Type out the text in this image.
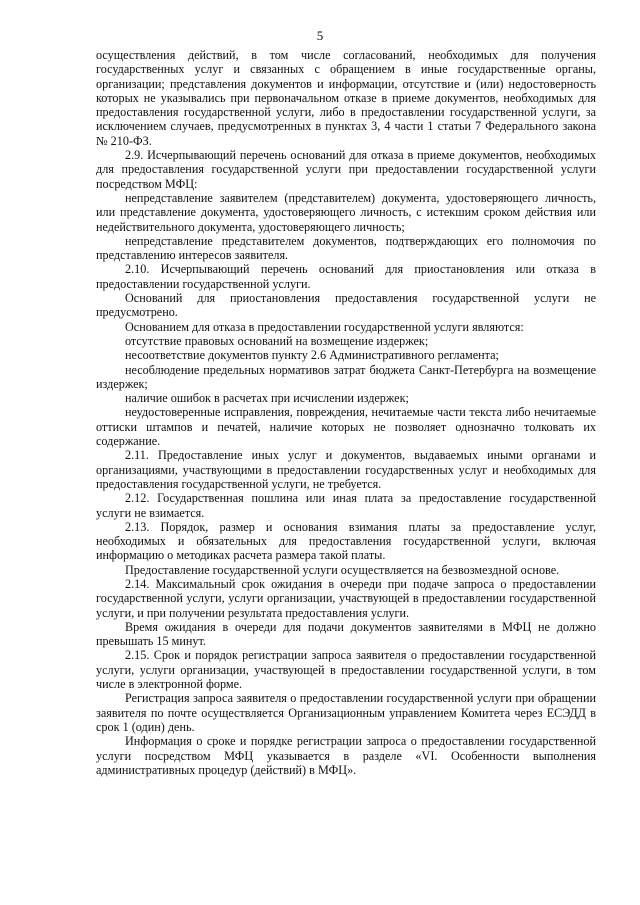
5

осуществления действий, в том числе согласований, необходимых для получения государственных услуг и связанных с обращением в иные государственные органы, организации; представления документов и информации, отсутствие и (или) недостоверность которых не указывались при первоначальном отказе в приеме документов, необходимых для предоставления государственной услуги, либо в предоставлении государственной услуги, за исключением случаев, предусмотренных в пунктах 3, 4 части 1 статьи 7 Федерального закона № 210-ФЗ.

2.9. Исчерпывающий перечень оснований для отказа в приеме документов, необходимых для предоставления государственной услуги при предоставлении государственной услуги посредством МФЦ:

непредставление заявителем (представителем) документа, удостоверяющего личность, или представление документа, удостоверяющего личность, с истекшим сроком действия или недействительного документа, удостоверяющего личность;

непредставление представителем документов, подтверждающих его полномочия по представлению интересов заявителя.

2.10. Исчерпывающий перечень оснований для приостановления или отказа в предоставлении государственной услуги.

Оснований для приостановления предоставления государственной услуги не предусмотрено.

Основанием для отказа в предоставлении государственной услуги являются:

отсутствие правовых оснований на возмещение издержек;

несоответствие документов пункту 2.6 Административного регламента;

несоблюдение предельных нормативов затрат бюджета Санкт-Петербурга на возмещение издержек;

наличие ошибок в расчетах при исчислении издержек;

неудостоверенные исправления, повреждения, нечитаемые части текста либо нечитаемые оттиски штампов и печатей, наличие которых не позволяет однозначно толковать их содержание.

2.11. Предоставление иных услуг и документов, выдаваемых иными органами и организациями, участвующими в предоставлении государственных услуг и необходимых для предоставления государственной услуги, не требуется.

2.12. Государственная пошлина или иная плата за предоставление государственной услуги не взимается.

2.13. Порядок, размер и основания взимания платы за предоставление услуг, необходимых и обязательных для предоставления государственной услуги, включая информацию о методиках расчета размера такой платы.

Предоставление государственной услуги осуществляется на безвозмездной основе.

2.14. Максимальный срок ожидания в очереди при подаче запроса о предоставлении государственной услуги, услуги организации, участвующей в предоставлении государственной услуги, и при получении результата предоставления услуги.

Время ожидания в очереди для подачи документов заявителями в МФЦ не должно превышать 15 минут.

2.15. Срок и порядок регистрации запроса заявителя о предоставлении государственной услуги, услуги организации, участвующей в предоставлении государственной услуги, в том числе в электронной форме.

Регистрация запроса заявителя о предоставлении государственной услуги при обращении заявителя по почте осуществляется Организационным управлением Комитета через ЕСЭДД в срок 1 (один) день.

Информация о сроке и порядке регистрации запроса о предоставлении государственной услуги посредством МФЦ указывается в разделе «VI. Особенности выполнения административных процедур (действий) в МФЦ».
